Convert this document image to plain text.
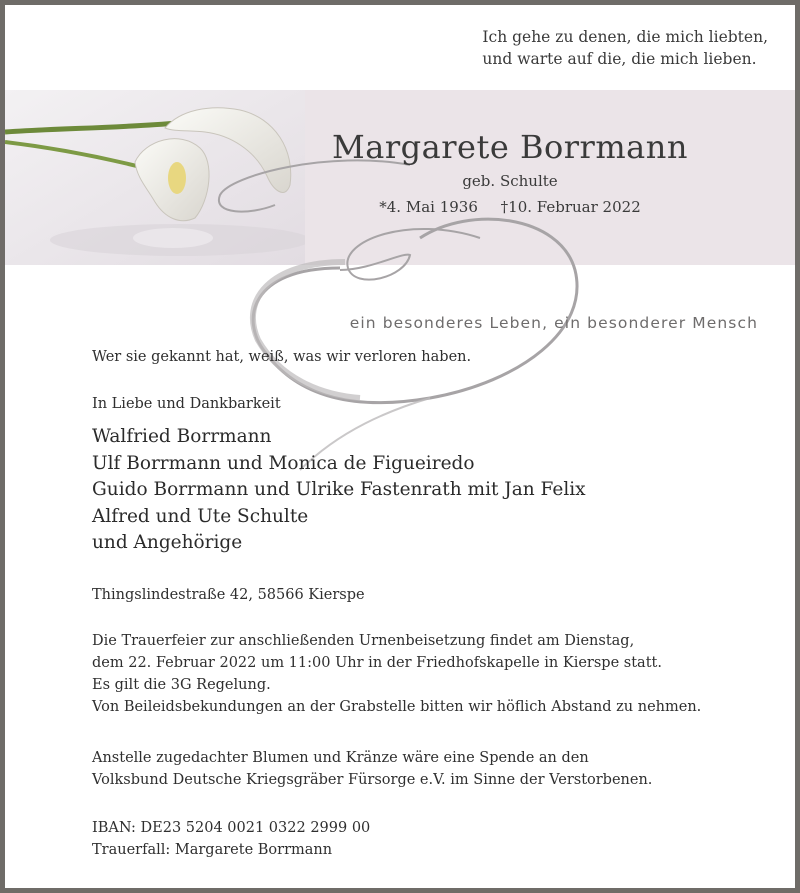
Ich gehe zu denen, die mich liebten,
und warte auf die, die mich lieben.
Margarete Borrmann
geb. Schulte
*4. Mai 1936 †10. Februar 2022
ein besonderes Leben, ein besonderer Mensch
Wer sie gekannt hat, weiß, was wir verloren haben.
In Liebe und Dankbarkeit
Walfried Borrmann
Ulf Borrmann und Monica de Figueiredo
Guido Borrmann und Ulrike Fastenrath mit Jan Felix
Alfred und Ute Schulte
und Angehörige
Thingslindestraße 42, 58566 Kierspe
Die Trauerfeier zur anschließenden Urnenbeisetzung findet am Dienstag,
dem 22. Februar 2022 um 11:00 Uhr in der Friedhofskapelle in Kierspe statt.
Es gilt die 3G Regelung.
Von Beileidsbekundungen an der Grabstelle bitten wir höflich Abstand zu nehmen.
Anstelle zugedachter Blumen und Kränze wäre eine Spende an den
Volksbund Deutsche Kriegsgräber Fürsorge e.V. im Sinne der Verstorbenen.
IBAN: DE23 5204 0021 0322 2999 00
Trauerfall: Margarete Borrmann
